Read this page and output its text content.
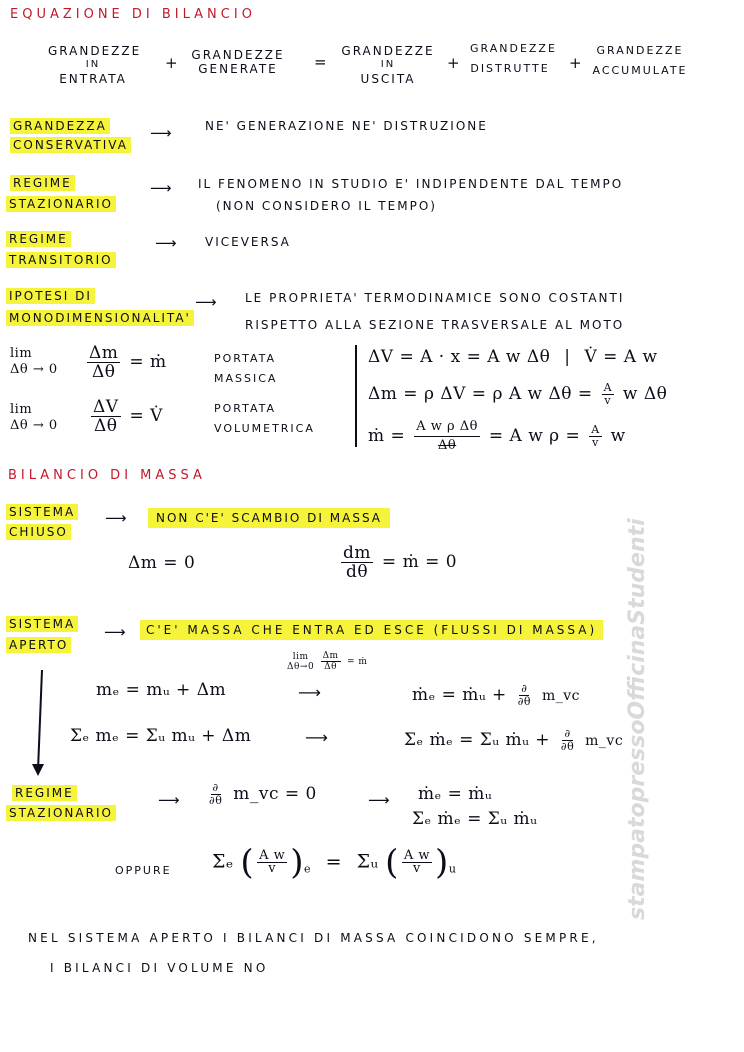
EQUAZIONE DI BILANCIO
GRANDEZZE
IN
ENTRATA
+ GRANDEZZE
GENERATE	=
GRANDEZZE
IN
USCITA
+
GRANDEZZE
DISTRUTTE +
GRANDEZZE
ACCUMULATE
GRANDEZZA
CONSERVATIVA
⟶	NE' GENERAZIONE NE' DISTRUZIONE
REGIME
STAZIONARIO
⟶ IL FENOMENO IN STUDIO E' INDIPENDENTE DAL TEMPO
(NON CONSIDERO IL TEMPO)
REGIME
TRANSITORIO
⟶ VICEVERSA
IPOTESI DI
MONODIMENSIONALITA'
⟶ LE PROPRIETA' TERMODINAMICE SONO COSTANTI
RISPETTO ALLA SEZIONE TRASVERSALE AL MOTO
lim
$\Delta\theta \to 0 \frac{\Delta m}{\Delta\theta}$ = ṁ	PORTATA
MASSICA
lim
$\Delta\theta \to 0 \frac{\Delta V}{\Delta\theta}$ = V̇	PORTATA
VOLUMETRICA
ΔV = A · x = A w Δθ | V̇ = A w
Δm = ρ ΔV = ρ A w $\Delta\theta = \frac{A}{v}$ w Δθ
ṁ = $\frac{\text{A w ρ Δθ}}{\Delta\theta} = A$ w $\rho = \frac{A}{v}$ w
BILANCIO DI MASSA
SISTEMA
CHIUSO
⟶	NON C'E' SCAMBIO DI MASSA
Δm = 0	$\frac{dm}{d\theta}$ = ṁ = 0
SISTEMA
APERTO
⟶	C'E' MASSA CHE ENTRA ED ESCE (FLUSSI DI MASSA)
lim
Δθ→0
$\frac{\Delta m}{\Delta\theta}$ = ṁ
mₑ = mᵤ + Δm	⟶	ṁₑ = ṁᵤ + $\frac{\partial}{\partial\theta}$ m_vc
Σₑ mₑ = Σᵤ mᵤ + Δm	⟶	Σₑ ṁₑ = Σᵤ ṁᵤ + $\frac{\partial}{\partial\theta}$ m_vc
REGIME
STAZIONARIO
⟶ $\frac{\partial}{\partial\theta}$ m_vc = 0	⟶ ṁₑ = ṁᵤ
Σₑ ṁₑ = Σᵤ ṁᵤ
OPPURE Σₑ ( $\frac{\text{A w}}{v} )_e$ = Σᵤ ( $\frac{\text{A w}}{v} )_u$
NEL SISTEMA APERTO I BILANCI DI MASSA COINCIDONO SEMPRE,
I BILANCI DI VOLUME NO
stampatopressoOfficinaStudenti
